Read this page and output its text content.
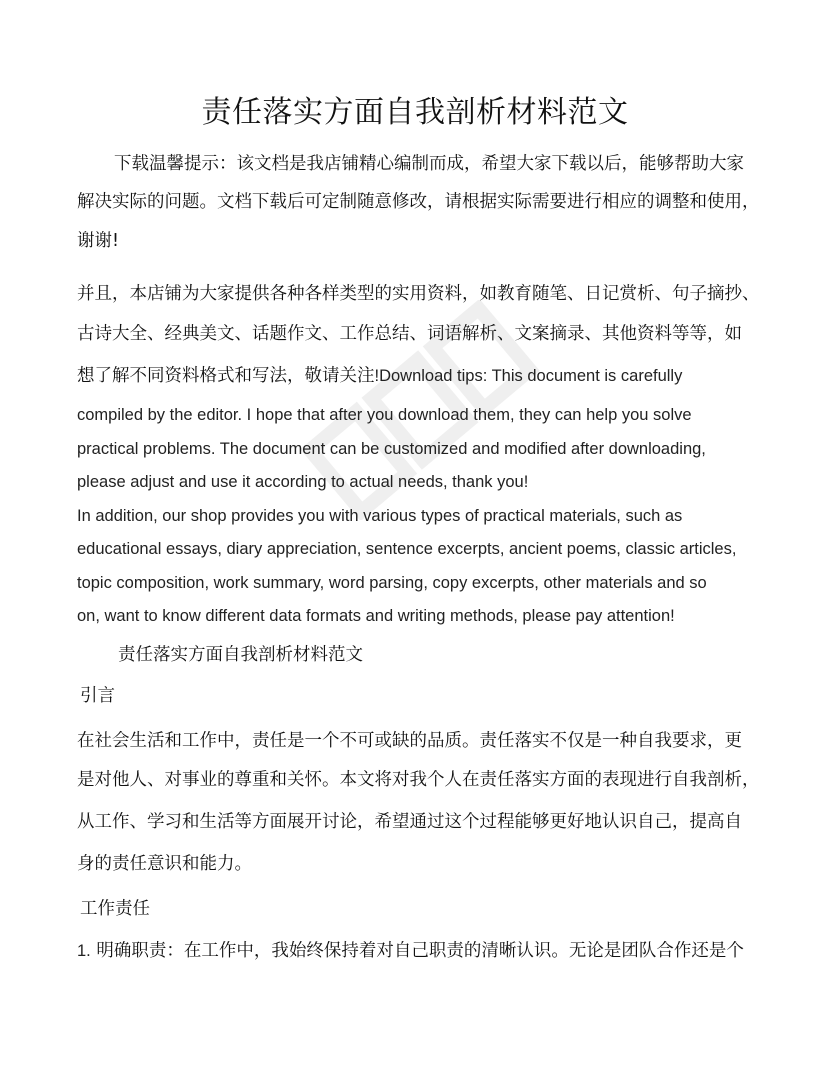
责任落实方面自我剖析材料范文
下载温馨提示：该文档是我店铺精心编制而成，希望大家下载以后，能够帮助大家
解决实际的问题。文档下载后可定制随意修改，请根据实际需要进行相应的调整和使用，
谢谢!
并且，本店铺为大家提供各种各样类型的实用资料，如教育随笔、日记赏析、句子摘抄、
古诗大全、经典美文、话题作文、工作总结、词语解析、文案摘录、其他资料等等，如
想了解不同资料格式和写法，敬请关注!Download tips: This document is carefully
compiled by the editor. I hope that after you download them, they can help you solve
practical problems. The document can be customized and modified after downloading,
please adjust and use it according to actual needs, thank you!
In addition, our shop provides you with various types of practical materials, such as
educational essays, diary appreciation, sentence excerpts, ancient poems, classic articles,
topic composition, work summary, word parsing, copy excerpts, other materials and so
on, want to know different data formats and writing methods, please pay attention!
责任落实方面自我剖析材料范文
引言
在社会生活和工作中，责任是一个不可或缺的品质。责任落实不仅是一种自我要求，更
是对他人、对事业的尊重和关怀。本文将对我个人在责任落实方面的表现进行自我剖析，
从工作、学习和生活等方面展开讨论，希望通过这个过程能够更好地认识自己，提高自
身的责任意识和能力。
工作责任
1. 明确职责：在工作中，我始终保持着对自己职责的清晰认识。无论是团队合作还是个
